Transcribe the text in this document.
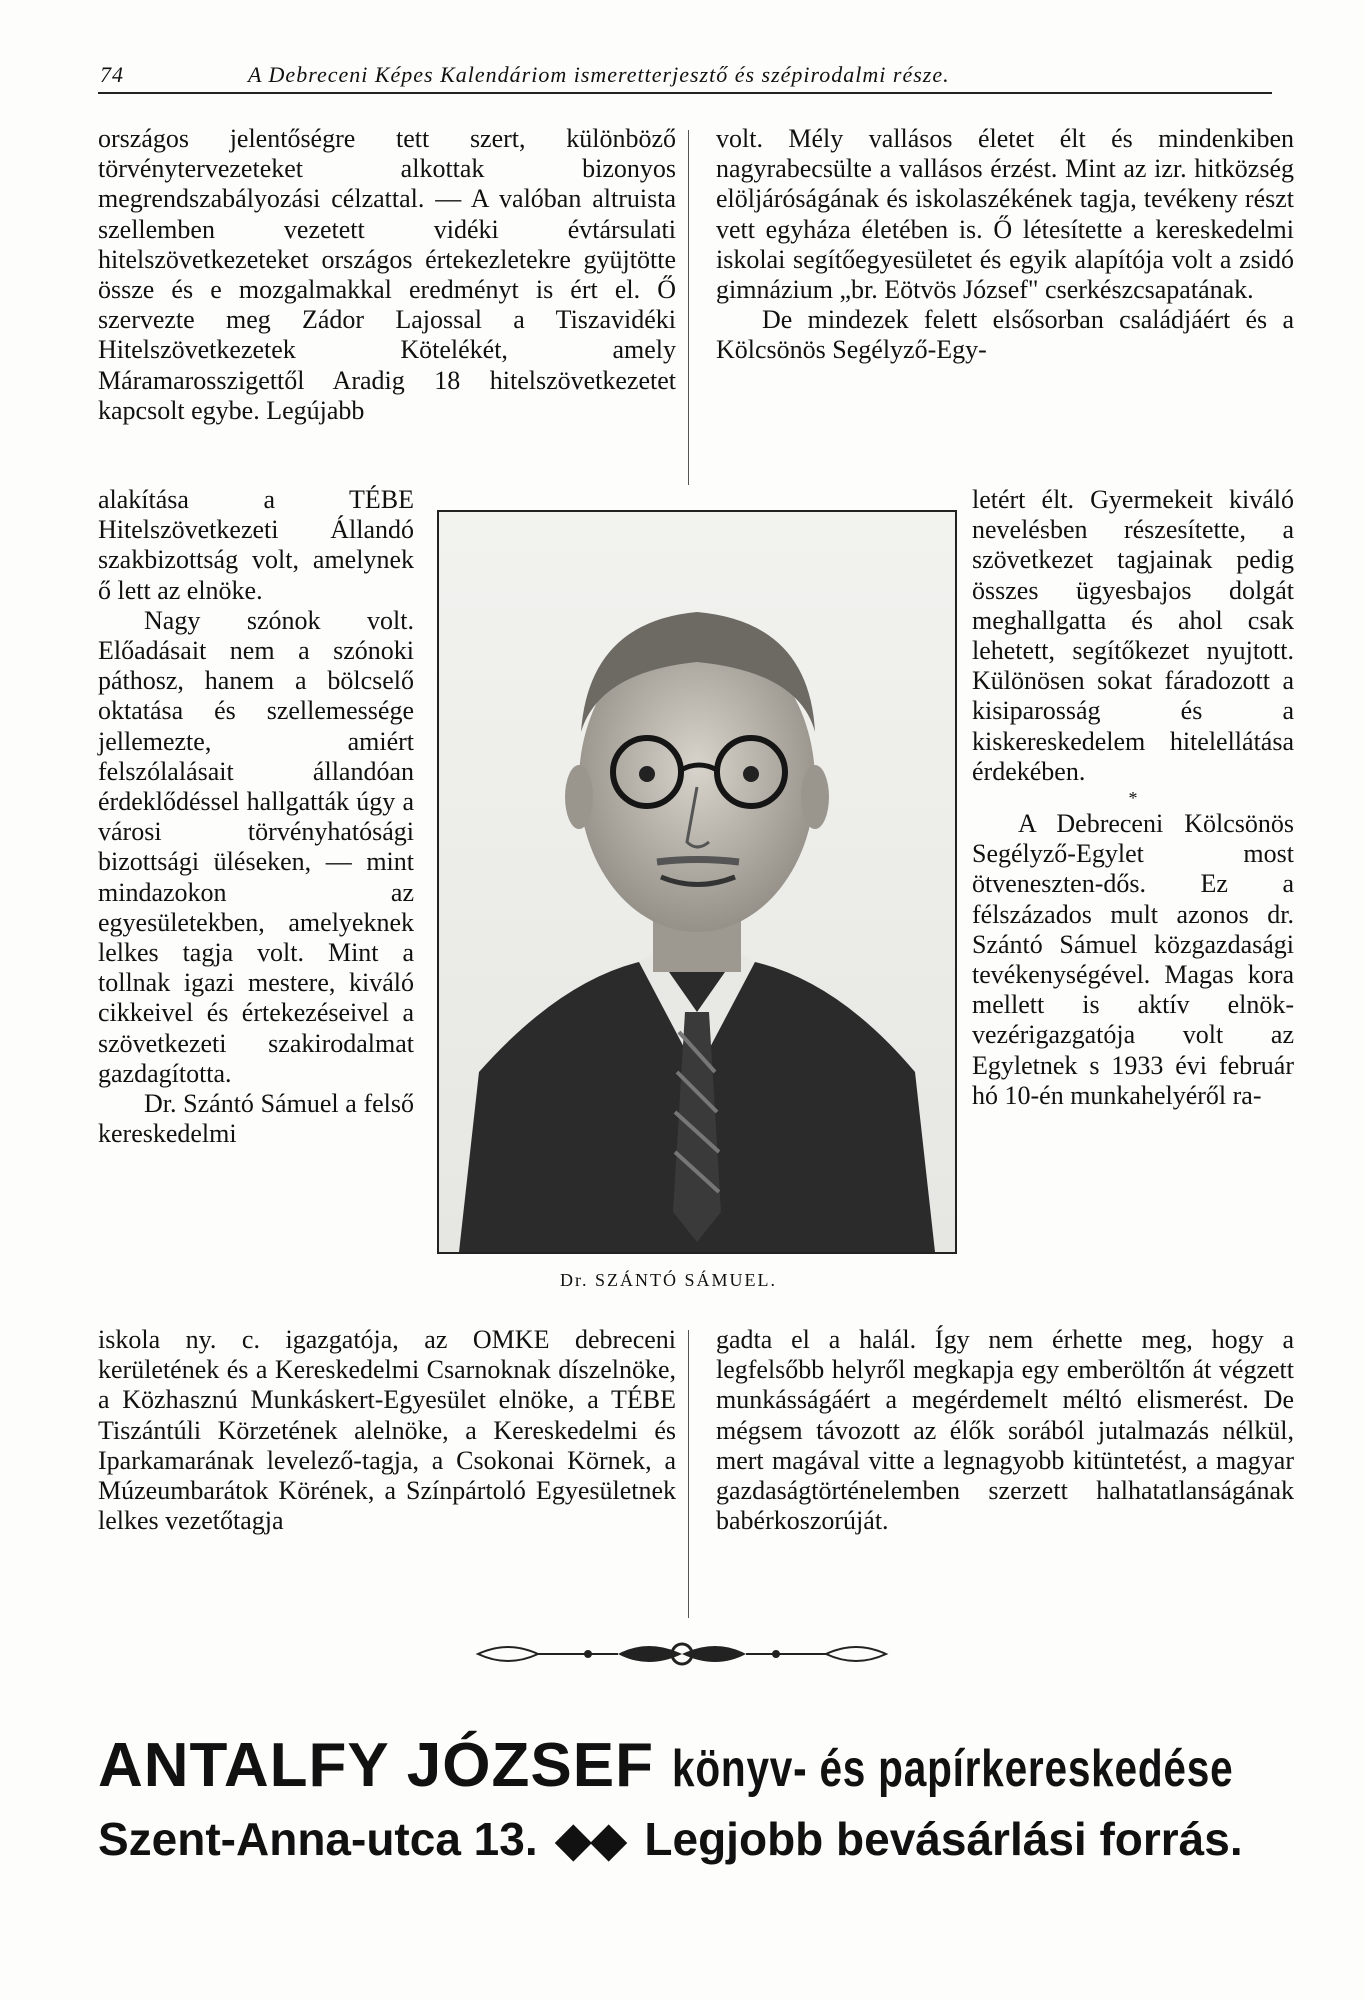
74	A Debreceni Képes Kalendáriom ismeretterjesztő és szépirodalmi része.

országos jelentőségre tett szert, különböző törvénytervezeteket alkottak bizonyos megrendszabályozási célzattal. — A valóban altruista szellemben vezetett vidéki évtársulati hitelszövetkezeteket országos értekezletekre gyüjtötte össze és e mozgalmakkal eredményt is ért el. Ő szervezte meg Zádor Lajossal a Tiszavidéki Hitelszövetkezetek Kötelékét, amely Máramarosszigettől Aradig 18 hitelszövetkezetet kapcsolt egybe. Legújabb

volt. Mély vallásos életet élt és mindenkiben nagyrabecsülte a vallásos érzést. Mint az izr. hitközség elöljáróságának és iskolaszékének tagja, tevékeny részt vett egyháza életében is. Ő létesítette a kereskedelmi iskolai segítőegyesületet és egyik alapítója volt a zsidó gimnázium „br. Eötvös József" cserkészcsapatának.

De mindezek felett elsősorban családjáért és a Kölcsönös Segélyző-Egy-

alakítása a TÉBE Hitelszövetkezeti Állandó szakbizottság volt, amelynek ő lett az elnöke.

Nagy szónok volt. Előadásait nem a szónoki páthosz, hanem a bölcselő oktatása és szellemessége jellemezte, amiért felszólalásait állandóan érdeklődéssel hallgatták úgy a városi törvényhatósági bizottsági üléseken, — mint mindazokon az egyesületekben, amelyeknek lelkes tagja volt. Mint a tollnak igazi mestere, kiváló cikkeivel és értekezéseivel a szövetkezeti szakirodalmat gazdagította.

Dr. Szántó Sámuel a felső kereskedelmi

Dr. SZÁNTÓ SÁMUEL.

letért élt. Gyermekeit kiváló nevelésben részesítette, a szövetkezet tagjainak pedig összes ügyesbajos dolgát meghallgatta és ahol csak lehetett, segítőkezet nyujtott. Különösen sokat fáradozott a kisiparosság és a kiskereskedelem hitelellátása érdekében.

*

A Debreceni Kölcsönös Segélyző-Egylet most ötveneszten-dős. Ez a félszázados mult azonos dr. Szántó Sámuel közgazdasági tevékenységével. Magas kora mellett is aktív elnök-vezérigazgatója volt az Egyletnek s 1933 évi február hó 10-én munkahelyéről ra-

iskola ny. c. igazgatója, az OMKE debreceni kerületének és a Kereskedelmi Csarnoknak díszelnöke, a Közhasznú Munkáskert-Egyesület elnöke, a TÉBE Tiszántúli Körzetének alelnöke, a Kereskedelmi és Iparkamarának levelező-tagja, a Csokonai Körnek, a Múzeumbarátok Körének, a Színpártoló Egyesületnek lelkes vezetőtagja

gadta el a halál. Így nem érhette meg, hogy a legfelsőbb helyről megkapja egy emberöltőn át végzett munkásságáért a megérdemelt méltó elismerést. De mégsem távozott az élők sorából jutalmazás nélkül, mert magával vitte a legnagyobb kitüntetést, a magyar gazdaságtörténelemben szerzett halhatatlanságának babérkoszorúját.

ANTALFY JÓZSEF könyv- és papírkereskedése
Szent-Anna-utca 13. ◆◆ Legjobb bevásárlási forrás.
